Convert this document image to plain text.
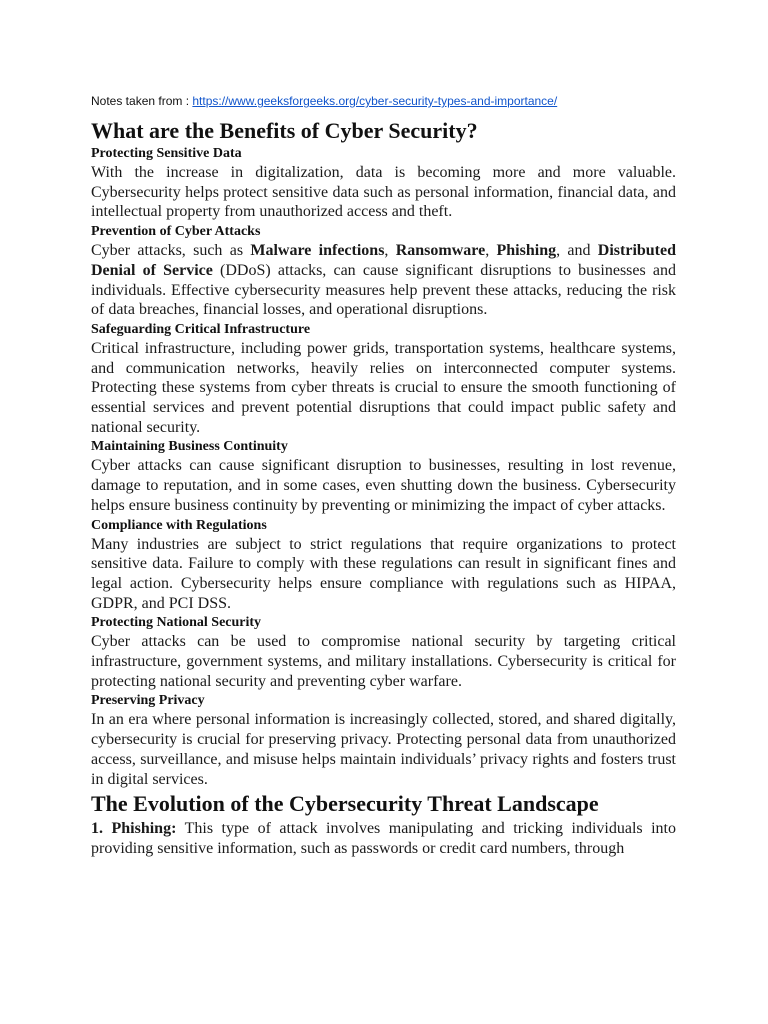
Notes taken from : https://www.geeksforgeeks.org/cyber-security-types-and-importance/

What are the Benefits of Cyber Security?
Protecting Sensitive Data

With the increase in digitalization, data is becoming more and more valuable. Cybersecurity helps protect sensitive data such as personal information, financial data, and intellectual property from unauthorized access and theft.

Prevention of Cyber Attacks

Cyber attacks, such as Malware infections, Ransomware, Phishing, and Distributed Denial of Service (DDoS) attacks, can cause significant disruptions to businesses and individuals. Effective cybersecurity measures help prevent these attacks, reducing the risk of data breaches, financial losses, and operational disruptions.

Safeguarding Critical Infrastructure

Critical infrastructure, including power grids, transportation systems, healthcare systems, and communication networks, heavily relies on interconnected computer systems. Protecting these systems from cyber threats is crucial to ensure the smooth functioning of essential services and prevent potential disruptions that could impact public safety and national security.

Maintaining Business Continuity

Cyber attacks can cause significant disruption to businesses, resulting in lost revenue, damage to reputation, and in some cases, even shutting down the business. Cybersecurity helps ensure business continuity by preventing or minimizing the impact of cyber attacks.

Compliance with Regulations

Many industries are subject to strict regulations that require organizations to protect sensitive data. Failure to comply with these regulations can result in significant fines and legal action. Cybersecurity helps ensure compliance with regulations such as HIPAA, GDPR, and PCI DSS.

Protecting National Security

Cyber attacks can be used to compromise national security by targeting critical infrastructure, government systems, and military installations. Cybersecurity is critical for protecting national security and preventing cyber warfare.

Preserving Privacy

In an era where personal information is increasingly collected, stored, and shared digitally, cybersecurity is crucial for preserving privacy. Protecting personal data from unauthorized access, surveillance, and misuse helps maintain individuals’ privacy rights and fosters trust in digital services.

The Evolution of the Cybersecurity Threat Landscape

1. Phishing: This type of attack involves manipulating and tricking individuals into providing sensitive information, such as passwords or credit card numbers, through
